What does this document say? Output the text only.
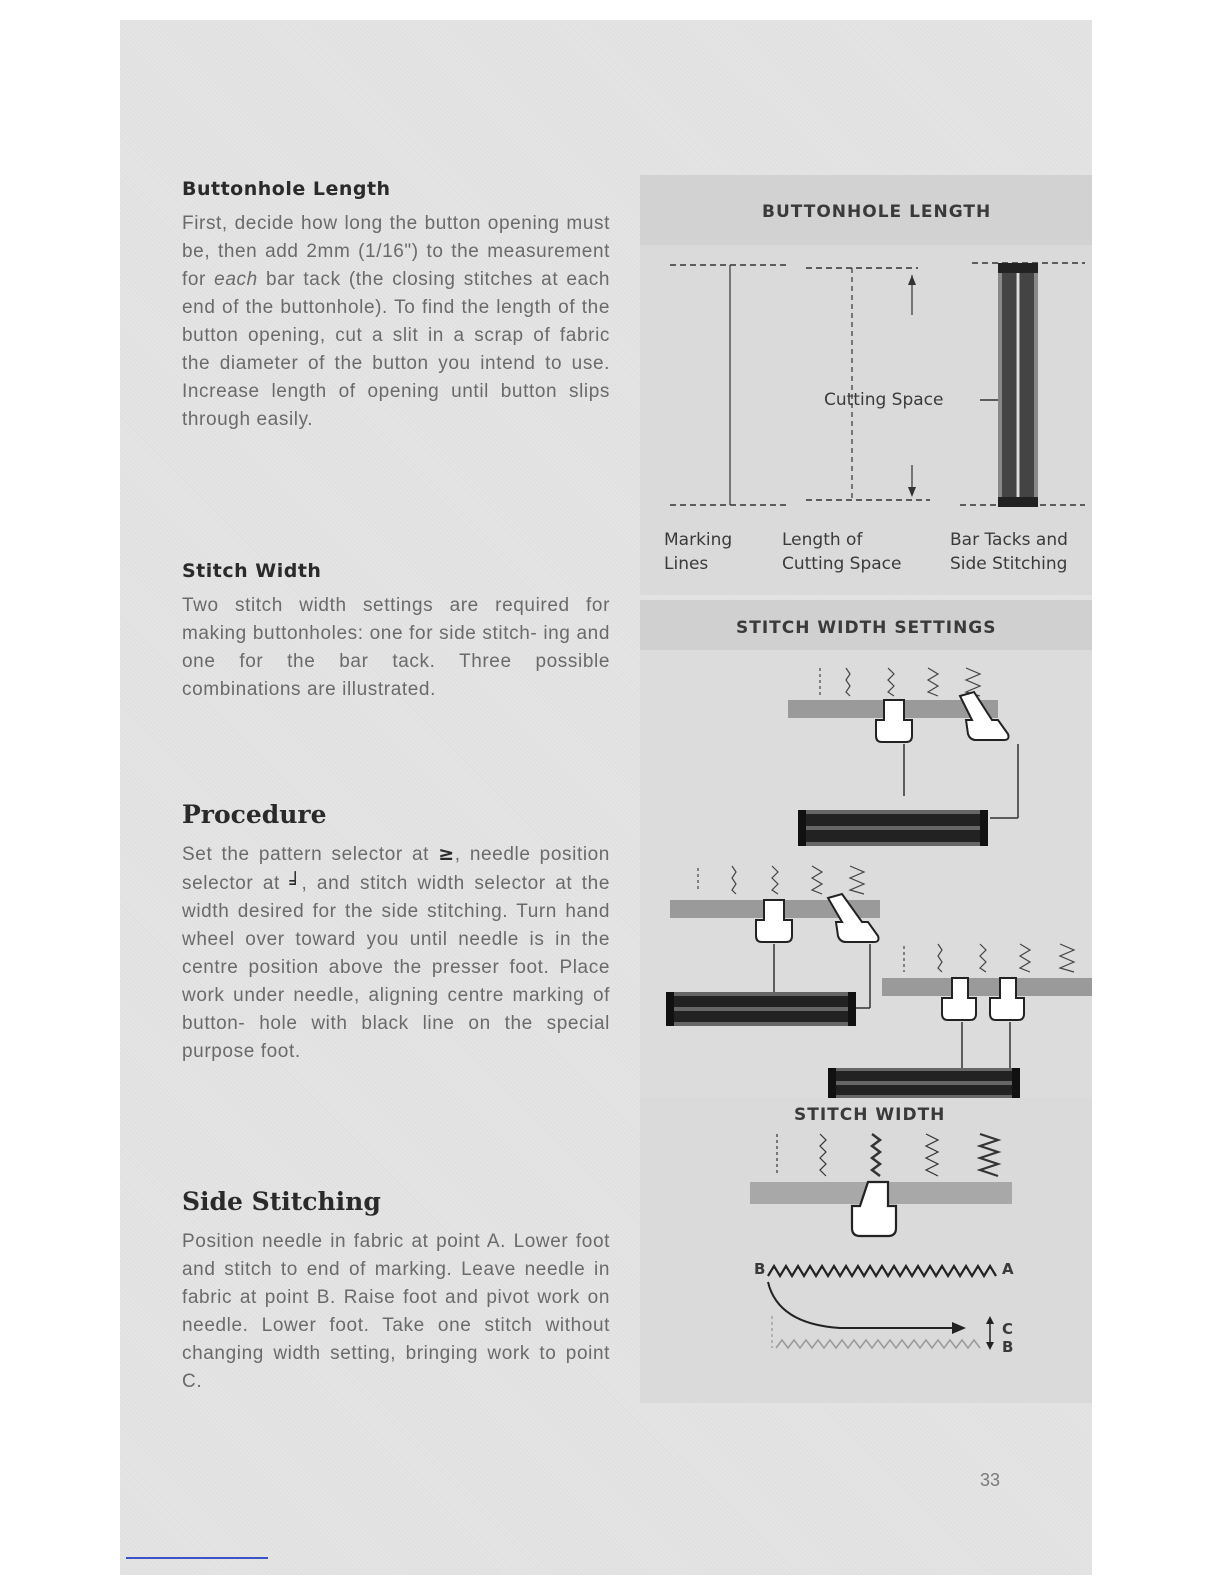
Buttonhole Length

First, decide how long the button opening must be, then add 2mm (1/16") to the measurement for each bar tack (the closing stitches at each end of the buttonhole). To find the length of the button opening, cut a slit in a scrap of fabric the diameter of the button you intend to use. Increase length of opening until button slips through easily.

Stitch Width

Two stitch width settings are required for making buttonholes: one for side stitch- ing and one for the bar tack. Three possible combinations are illustrated.

Procedure

Set the pattern selector at ≥, needle position selector at ╛, and stitch width selector at the width desired for the side stitching. Turn hand wheel over toward you until needle is in the centre position above the presser foot. Place work under needle, aligning centre marking of button- hole with black line on the special purpose foot.

Side Stitching

Position needle in fabric at point A. Lower foot and stitch to end of marking. Leave needle in fabric at point B. Raise foot and pivot work on needle. Lower foot. Take one stitch without changing width setting, bringing work to point C.

BUTTONHOLE LENGTH
Cutting Space
Marking
Lines
Length of
Cutting Space
Bar Tacks and
Side Stitching
STITCH WIDTH SETTINGS
STITCH WIDTH
B	A
C
B
33
